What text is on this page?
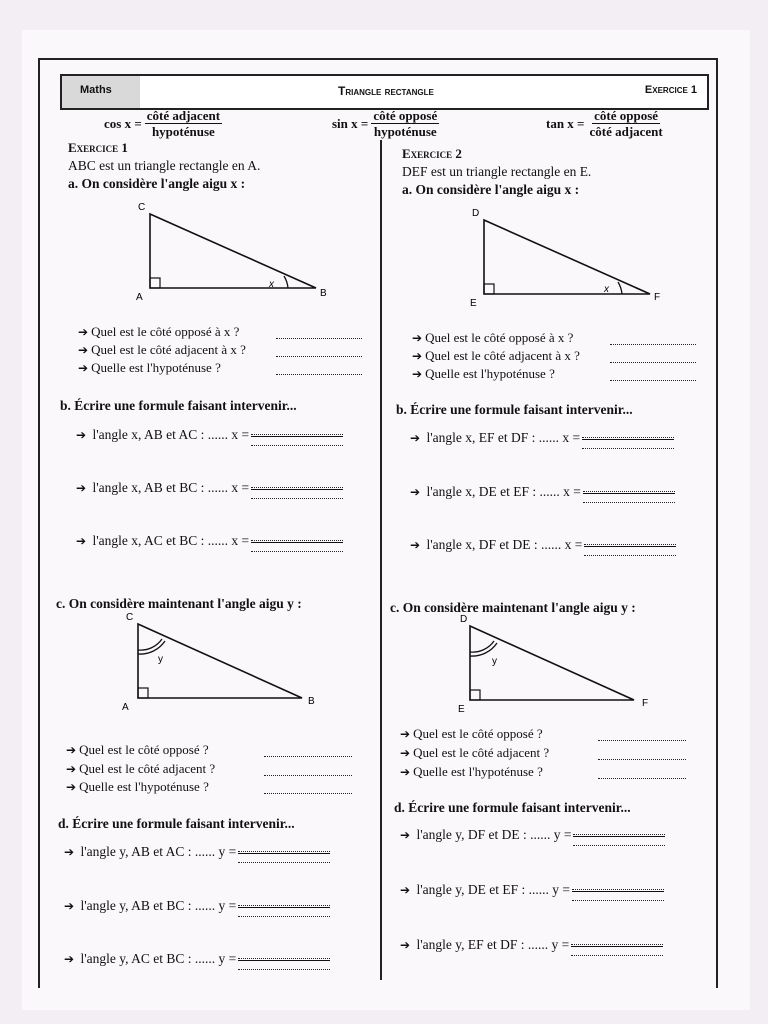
Maths	Triangle rectangle	Exercice 1
$\cos x = \frac{\text{côté adjacent}}{\text{hypoténuse}}$	$\sin x = \frac{\text{côté opposé}}{\text{hypoténuse}}$	$\tan x = \frac{\text{côté opposé}}{\text{côté adjacent}}$
Exercice 1
ABC est un triangle rectangle en A.
a. On considère l'angle aigu x :
C
A	B
x
➔ Quel est le côté opposé à x ?
➔ Quel est le côté adjacent à x ?
➔ Quelle est l'hypoténuse ?
b. Écrire une formule faisant intervenir...
➔ l'angle x, AB et AC : ...... x =
➔ l'angle x, AB et BC : ...... x =
➔ l'angle x, AC et BC : ...... x =
c. On considère maintenant l'angle aigu y :
C
A
B
y
➔ Quel est le côté opposé ?
➔ Quel est le côté adjacent ?
➔ Quelle est l'hypoténuse ?
d. Écrire une formule faisant intervenir...
➔ l'angle y, AB et AC : ...... y =
➔ l'angle y, AB et BC : ...... y =
➔ l'angle y, AC et BC : ...... y =
Exercice 2
DEF est un triangle rectangle en E.
a. On considère l'angle aigu x :
D
E
F
x
➔ Quel est le côté opposé à x ?
➔ Quel est le côté adjacent à x ?
➔ Quelle est l'hypoténuse ?
b. Écrire une formule faisant intervenir...
➔ l'angle x, EF et DF : ...... x =
➔ l'angle x, DE et EF : ...... x =
➔ l'angle x, DF et DE : ...... x =
c. On considère maintenant l'angle aigu y :
D
E
F
y
➔ Quel est le côté opposé ?
➔ Quel est le côté adjacent ?
➔ Quelle est l'hypoténuse ?
d. Écrire une formule faisant intervenir...
➔ l'angle y, DF et DE : ...... y =
➔ l'angle y, DE et EF : ...... y =
➔ l'angle y, EF et DF : ...... y =
